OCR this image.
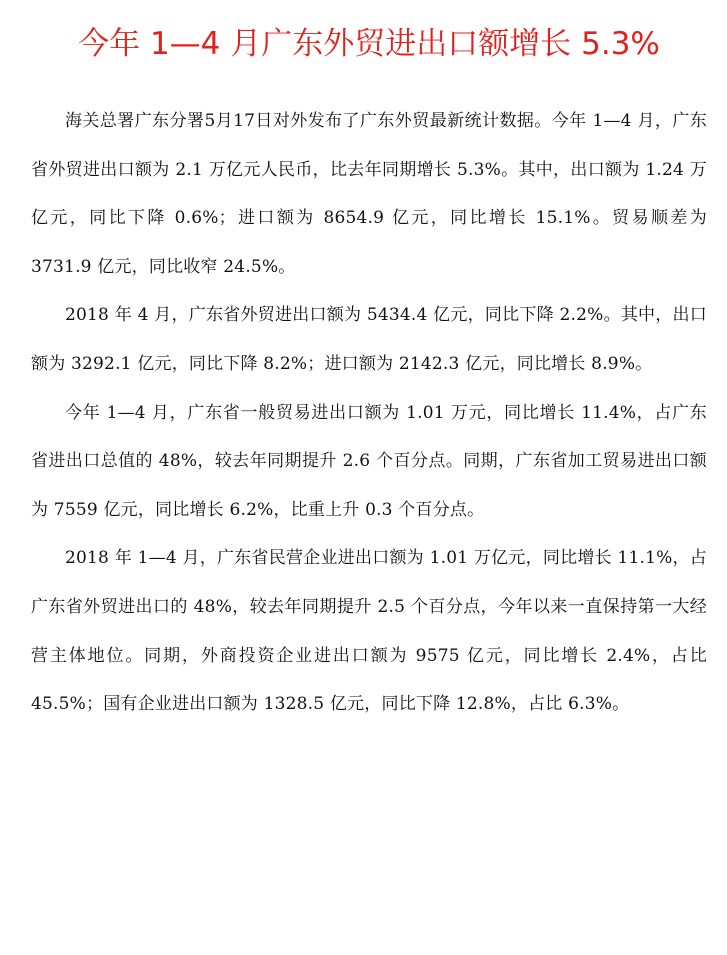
今年 1—4 月广东外贸进出口额增长 5.3%

海关总署广东分署5月17日对外发布了广东外贸最新统计数据。今年 1—4 月，广东省外贸进出口额为 2.1 万亿元人民币，比去年同期增长 5.3%。其中，出口额为 1.24 万亿元，同比下降 0.6%；进口额为 8654.9 亿元，同比增长 15.1%。贸易顺差为 3731.9 亿元，同比收窄 24.5%。

2018 年 4 月，广东省外贸进出口额为 5434.4 亿元，同比下降 2.2%。其中，出口额为 3292.1 亿元，同比下降 8.2%；进口额为 2142.3 亿元，同比增长 8.9%。

今年 1—4 月，广东省一般贸易进出口额为 1.01 万元，同比增长 11.4%，占广东省进出口总值的 48%，较去年同期提升 2.6 个百分点。同期，广东省加工贸易进出口额为 7559 亿元，同比增长 6.2%，比重上升 0.3 个百分点。

2018 年 1—4 月，广东省民营企业进出口额为 1.01 万亿元，同比增长 11.1%，占广东省外贸进出口的 48%，较去年同期提升 2.5 个百分点，今年以来一直保持第一大经营主体地位。同期，外商投资企业进出口额为 9575 亿元，同比增长 2.4%，占比 45.5%；国有企业进出口额为 1328.5 亿元，同比下降 12.8%，占比 6.3%。
